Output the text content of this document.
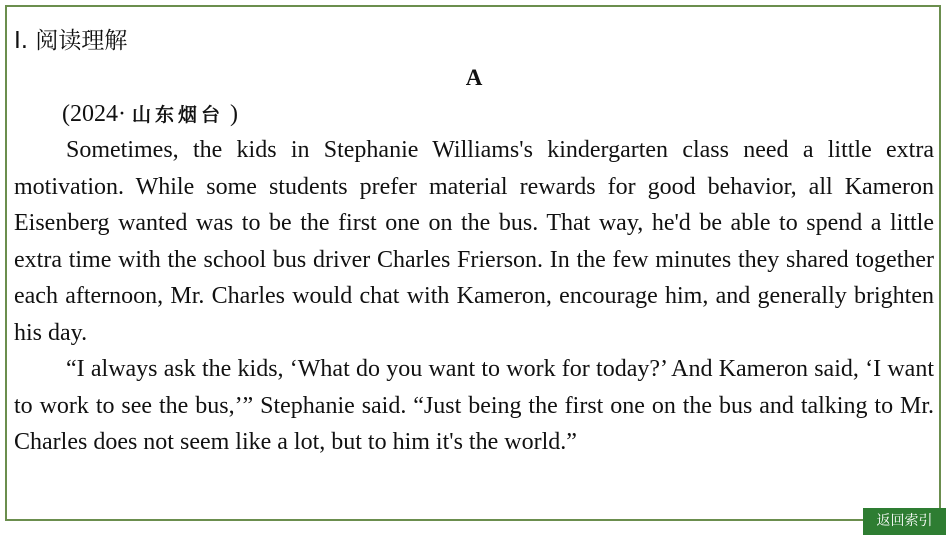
I. 阅读理解
A
(2024· 山东烟台 )

Sometimes, the kids in Stephanie Williams's kindergarten class need a little extra motivation. While some students prefer material rewards for good behavior, all Kameron Eisenberg wanted was to be the first one on the bus. That way, he'd be able to spend a little extra time with the school bus driver Charles Frierson. In the few minutes they shared together each afternoon, Mr. Charles would chat with Kameron, encourage him, and generally brighten his day.

“I always ask the kids, ‘What do you want to work for today?’ And Kameron said, ‘I want to work to see the bus,’” Stephanie said. “Just being the first one on the bus and talking to Mr. Charles does not seem like a lot, but to him it's the world.”

返回索引
